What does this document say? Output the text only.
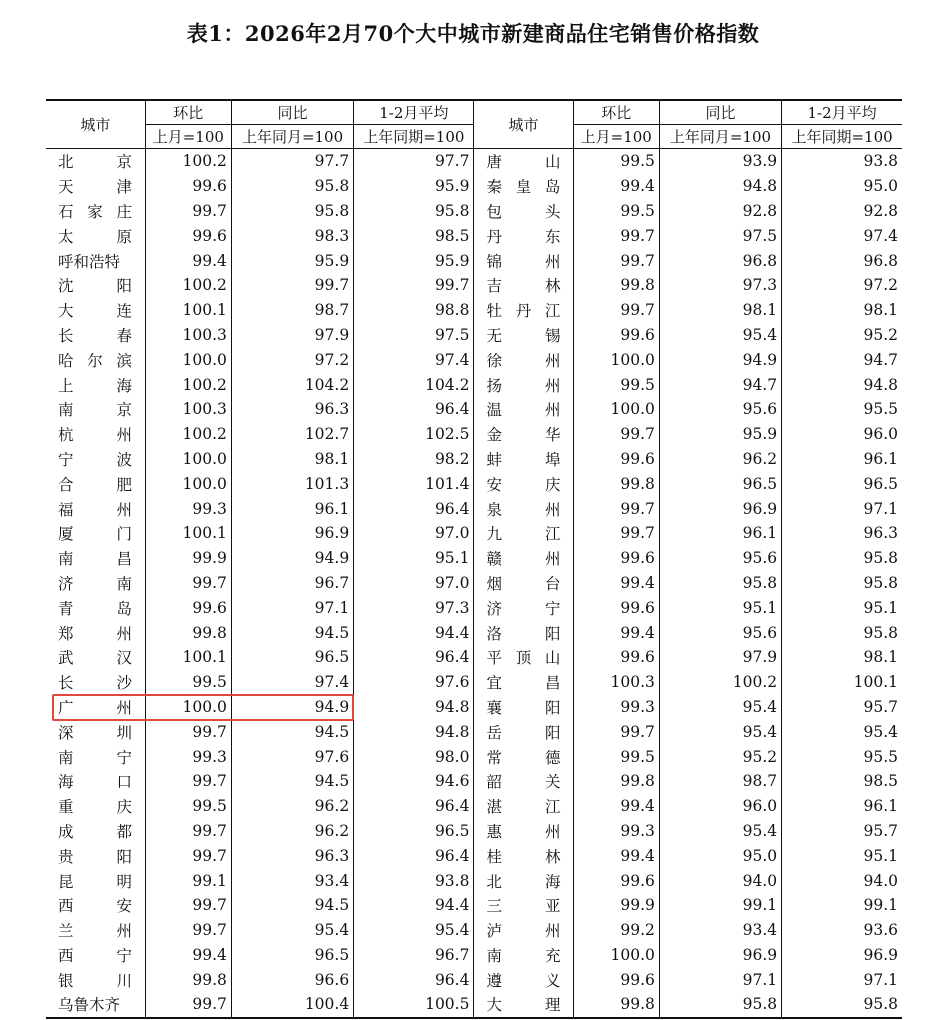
表1：2026年2月70个大中城市新建商品住宅销售价格指数
城市	环比	同比	1-2月平均	城市	环比	同比	1-2月平均
	上月=100	上年同月=100	上年同期=100		上月=100	上年同月=100	上年同期=100

北 京	100.2	97.7	97.7	唐 山	99.5	93.9	93.8

天 津	99.6	95.8	95.9	秦 皇 岛	99.4	94.8	95.0

石 家 庄	99.7	95.8	95.8	包 头	99.5	92.8	92.8

太 原	99.6	98.3	98.5	丹 东	99.7	97.5	97.4

呼 和 浩 特	99.4	95.9	95.9	锦 州	99.7	96.8	96.8

沈 阳	100.2	99.7	99.7	吉 林	99.8	97.3	97.2

大 连	100.1	98.7	98.8	牡 丹 江	99.7	98.1	98.1

长 春	100.3	97.9	97.5	无 锡	99.6	95.4	95.2

哈 尔 滨	100.0	97.2	97.4	徐 州	100.0	94.9	94.7

上 海	100.2	104.2	104.2	扬 州	99.5	94.7	94.8

南 京	100.3	96.3	96.4	温 州	100.0	95.6	95.5

杭 州	100.2	102.7	102.5	金 华	99.7	95.9	96.0

宁 波	100.0	98.1	98.2	蚌 埠	99.6	96.2	96.1

合 肥	100.0	101.3	101.4	安 庆	99.8	96.5	96.5

福 州	99.3	96.1	96.4	泉 州	99.7	96.9	97.1

厦 门	100.1	96.9	97.0	九 江	99.7	96.1	96.3

南 昌	99.9	94.9	95.1	赣 州	99.6	95.6	95.8

济 南	99.7	96.7	97.0	烟 台	99.4	95.8	95.8

青 岛	99.6	97.1	97.3	济 宁	99.6	95.1	95.1

郑 州	99.8	94.5	94.4	洛 阳	99.4	95.6	95.8

武 汉	100.1	96.5	96.4	平 顶 山	99.6	97.9	98.1

长 沙	99.5	97.4	97.6	宜 昌	100.3	100.2	100.1

广 州	100.0	94.9	94.8	襄 阳	99.3	95.4	95.7

深 圳	99.7	94.5	94.8	岳 阳	99.7	95.4	95.4

南 宁	99.3	97.6	98.0	常 德	99.5	95.2	95.5

海 口	99.7	94.5	94.6	韶 关	99.8	98.7	98.5

重 庆	99.5	96.2	96.4	湛 江	99.4	96.0	96.1

成 都	99.7	96.2	96.5	惠 州	99.3	95.4	95.7

贵 阳	99.7	96.3	96.4	桂 林	99.4	95.0	95.1

昆 明	99.1	93.4	93.8	北 海	99.6	94.0	94.0

西 安	99.7	94.5	94.4	三 亚	99.9	99.1	99.1

兰 州	99.7	95.4	95.4	泸 州	99.2	93.4	93.6

西 宁	99.4	96.5	96.7	南 充	100.0	96.9	96.9

银 川	99.8	96.6	96.4	遵 义	99.6	97.1	97.1

乌 鲁 木 齐	99.7	100.4	100.5	大 理	99.8	95.8	95.8
